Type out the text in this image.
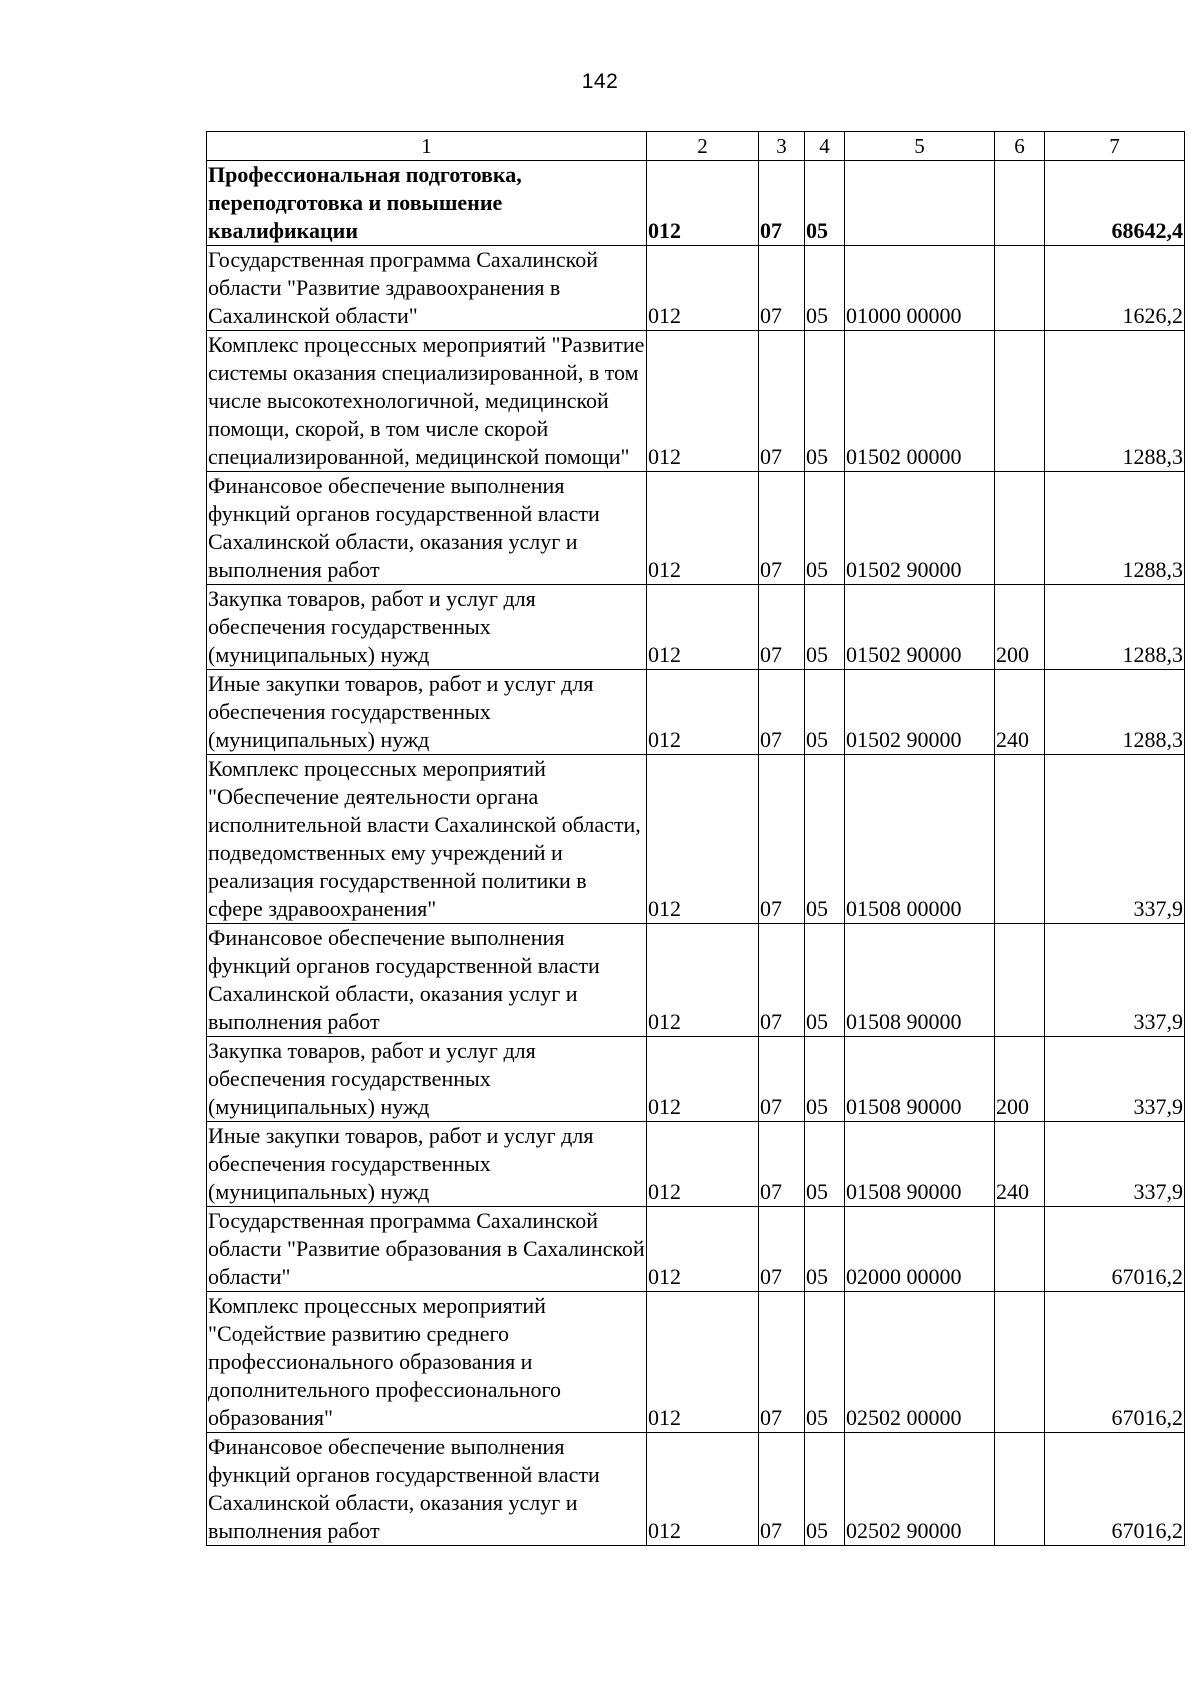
142
1	2	3	4	5	6	7
Профессиональная подготовка, переподготовка и повышение квалификации	012	07	05			68642,4
Государственная программа Сахалинской области "Развитие здравоохранения в Сахалинской области"	012	07	05	01000 00000		1626,2
Комплекс процессных мероприятий "Развитие системы оказания специализированной, в том числе высокотехнологичной, медицинской помощи, скорой, в том числе скорой специализированной, медицинской помощи"	012	07	05	01502 00000		1288,3
Финансовое обеспечение выполнения функций органов государственной власти Сахалинской области, оказания услуг и выполнения работ	012	07	05	01502 90000		1288,3
Закупка товаров, работ и услуг для обеспечения государственных (муниципальных) нужд	012	07	05	01502 90000	200	1288,3
Иные закупки товаров, работ и услуг для обеспечения государственных (муниципальных) нужд	012	07	05	01502 90000	240	1288,3
Комплекс процессных мероприятий "Обеспечение деятельности органа исполнительной власти Сахалинской области, подведомственных ему учреждений и реализация государственной политики в сфере здравоохранения"	012	07	05	01508 00000		337,9
Финансовое обеспечение выполнения функций органов государственной власти Сахалинской области, оказания услуг и выполнения работ	012	07	05	01508 90000		337,9
Закупка товаров, работ и услуг для обеспечения государственных (муниципальных) нужд	012	07	05	01508 90000	200	337,9
Иные закупки товаров, работ и услуг для обеспечения государственных (муниципальных) нужд	012	07	05	01508 90000	240	337,9
Государственная программа Сахалинской области "Развитие образования в Сахалинской области"	012	07	05	02000 00000		67016,2
Комплекс процессных мероприятий "Содействие развитию среднего профессионального образования и дополнительного профессионального образования"	012	07	05	02502 00000		67016,2
Финансовое обеспечение выполнения функций органов государственной власти Сахалинской области, оказания услуг и выполнения работ	012	07	05	02502 90000		67016,2
